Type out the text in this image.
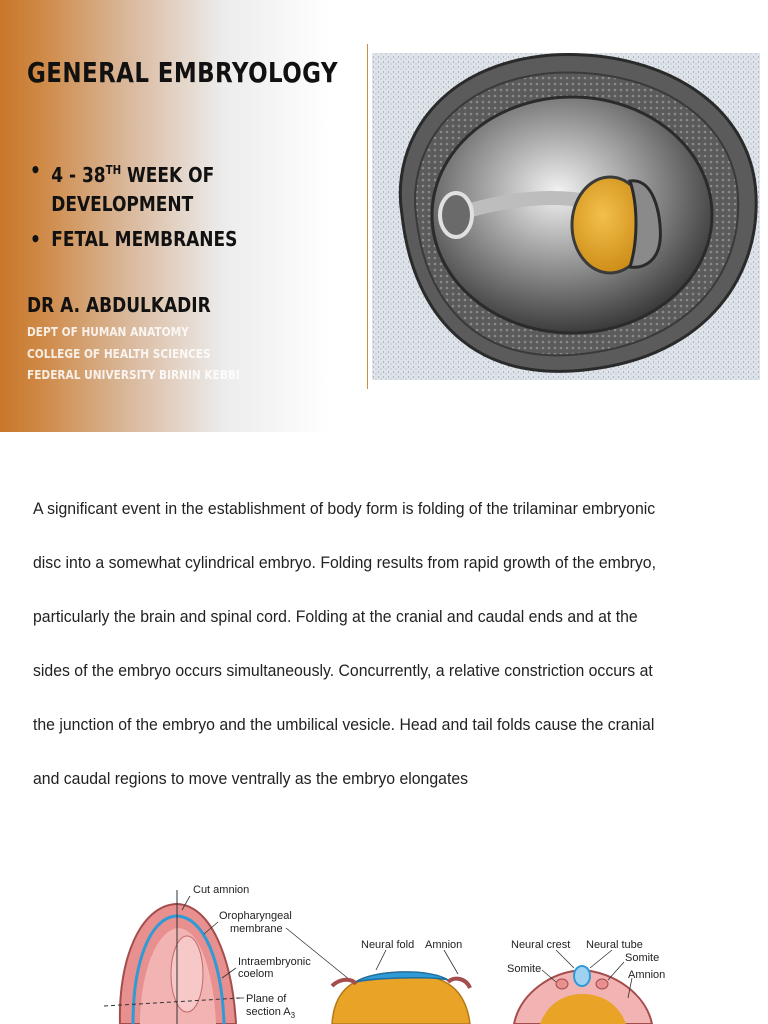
GENERAL EMBRYOLOGY
• 4 - 38TH WEEK OF
DEVELOPMENT
• FETAL MEMBRANES
DR A. ABDULKADIR
DEPT OF HUMAN ANATOMY
COLLEGE OF HEALTH SCIENCES
FEDERAL UNIVERSITY BIRNIN KEBBI

A significant event in the establishment of body form is folding of the trilaminar embryonic

disc into a somewhat cylindrical embryo. Folding results from rapid growth of the embryo,

particularly the brain and spinal cord. Folding at the cranial and caudal ends and at the

sides of the embryo occurs simultaneously. Concurrently, a relative constriction occurs at

the junction of the embryo and the umbilical vesicle. Head and tail folds cause the cranial

and caudal regions to move ventrally as the embryo elongates

Cut amnion
Oropharyngeal
membrane
Intraembryonic
coelom
Plane of
section $A_3$
Neural fold Amnion	Neural crest Neural tube
Somite
Somite
Amnion
